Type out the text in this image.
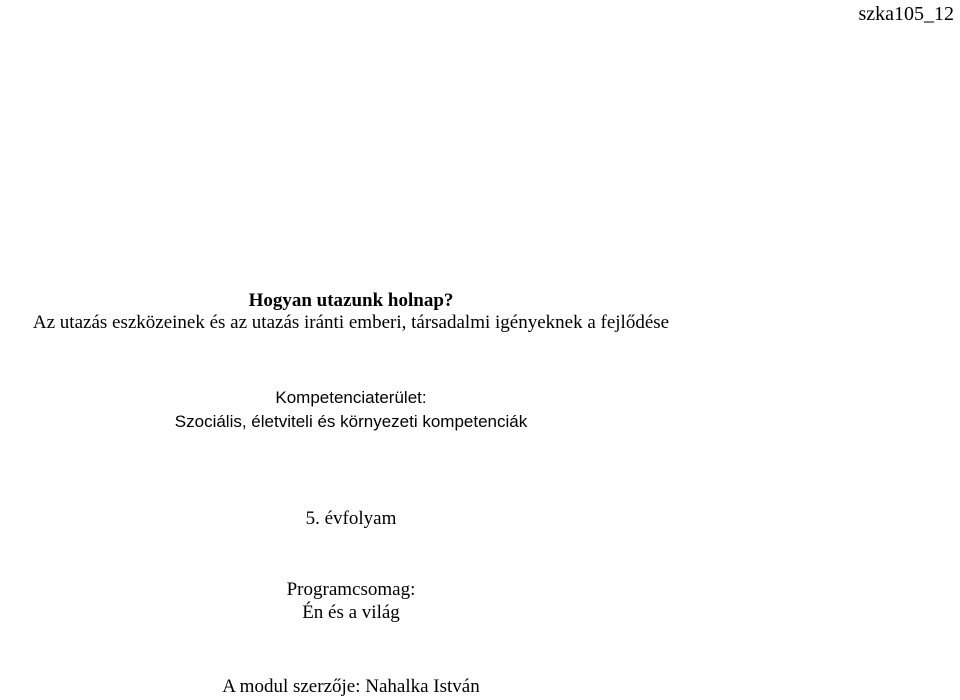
szka105_12
Hogyan utazunk holnap?
Az utazás eszközeinek és az utazás iránti emberi, társadalmi igényeknek a fejlődése
Kompetenciaterület:
Szociális, életviteli és környezeti kompetenciák
5. évfolyam
Programcsomag:
Én és a világ
A modul szerzője: Nahalka István
